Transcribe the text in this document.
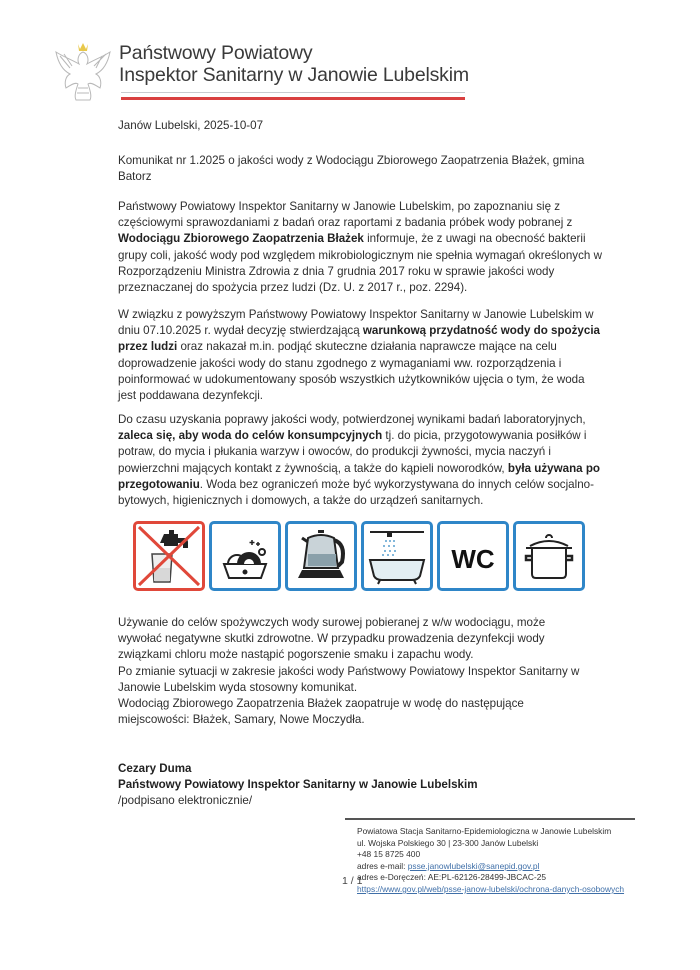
Państwowy Powiatowy
Inspektor Sanitarny w Janowie Lubelskim
Janów Lubelski, 2025-10-07
Komunikat nr 1.2025 o jakości wody z Wodociągu Zbiorowego Zaopatrzenia Błażek, gmina Batorz
Państwowy Powiatowy Inspektor Sanitarny w Janowie Lubelskim, po zapoznaniu się z częściowymi sprawozdaniami z badań oraz raportami z badania próbek wody pobranej z Wodociągu Zbiorowego Zaopatrzenia Błażek informuje, że z uwagi na obecność bakterii grupy coli, jakość wody pod względem mikrobiologicznym nie spełnia wymagań określonych w Rozporządzeniu Ministra Zdrowia z dnia 7 grudnia 2017 roku w sprawie jakości wody przeznaczanej do spożycia przez ludzi (Dz. U. z 2017 r., poz. 2294).
W związku z powyższym Państwowy Powiatowy Inspektor Sanitarny w Janowie Lubelskim w dniu 07.10.2025 r. wydał decyzję stwierdzającą warunkową przydatność wody do spożycia przez ludzi oraz nakazał m.in. podjąć skuteczne działania naprawcze mające na celu doprowadzenie jakości wody do stanu zgodnego z wymaganiami ww. rozporządzenia i poinformować w udokumentowany sposób wszystkich użytkowników ujęcia o tym, że woda jest poddawana dezynfekcji.
Do czasu uzyskania poprawy jakości wody, potwierdzonej wynikami badań laboratoryjnych, zaleca się, aby woda do celów konsumpcyjnych tj. do picia, przygotowywania posiłków i potraw, do mycia i płukania warzyw i owoców, do produkcji żywności, mycia naczyń i powierzchni mających kontakt z żywnością, a także do kąpieli noworodków, była używana po przegotowaniu. Woda bez ograniczeń może być wykorzystywana do innych celów socjalno-bytowych, higienicznych i domowych, a także do urządzeń sanitarnych.
WC
Używanie do celów spożywczych wody surowej pobieranej z w/w wodociągu, może wywołać negatywne skutki zdrowotne. W przypadku prowadzenia dezynfekcji wody związkami chloru może nastąpić pogorszenie smaku i zapachu wody.
Po zmianie sytuacji w zakresie jakości wody Państwowy Powiatowy Inspektor Sanitarny w Janowie Lubelskim wyda stosowny komunikat.
Wodociąg Zbiorowego Zaopatrzenia Błażek zaopatruje w wodę do następujące miejscowości: Błażek, Samary, Nowe Moczydła.
Cezary Duma
Państwowy Powiatowy Inspektor Sanitarny w Janowie Lubelskim
/podpisano elektronicznie/
Powiatowa Stacja Sanitarno-Epidemiologiczna w Janowie Lubelskim
ul. Wojska Polskiego 30 | 23-300 Janów Lubelski
+48 15 8725 400
adres e-mail: psse.janowlubelski@sanepid.gov.pl
adres e-Doręczeń: AE:PL-62126-28499-JBCAC-25
https://www.gov.pl/web/psse-janow-lubelski/ochrona-danych-osobowych
1 / 1
